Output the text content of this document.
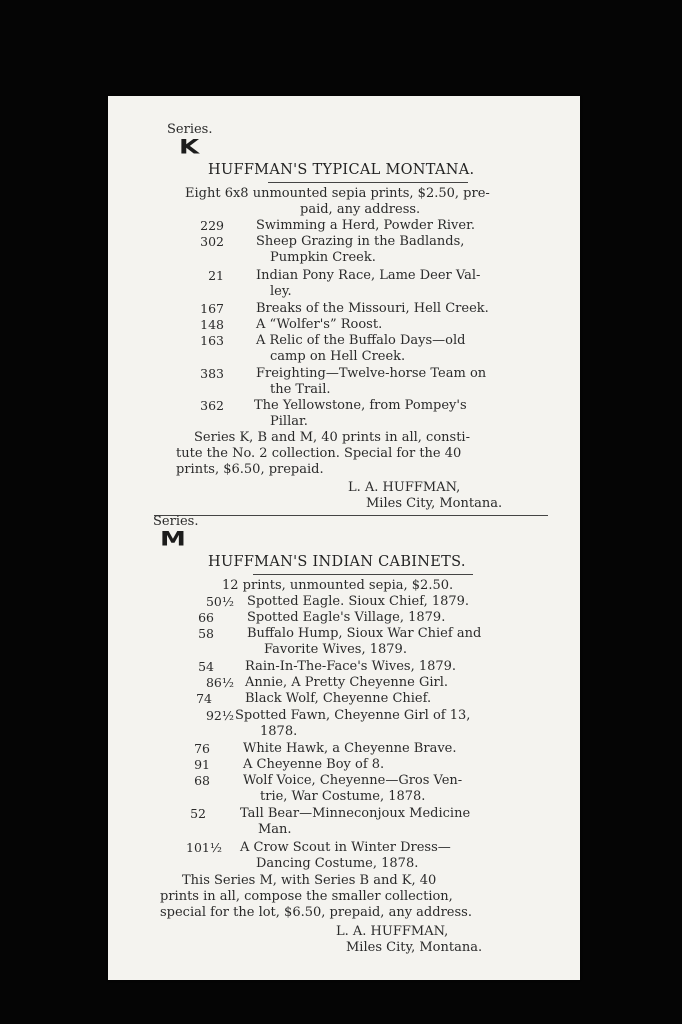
Series.
K
HUFFMAN'S TYPICAL MONTANA.
Eight 6x8 unmounted sepia prints, $2.50, pre-
paid, any address.
229 Swimming a Herd, Powder River.
302 Sheep Grazing in the Badlands,
Pumpkin Creek.
21 Indian Pony Race, Lame Deer Val-
ley.
167 Breaks of the Missouri, Hell Creek.
148 A “Wolfer's” Roost.
163 A Relic of the Buffalo Days—old
camp on Hell Creek.
383 Freighting—Twelve-horse Team on
the Trail.
362 The Yellowstone, from Pompey's
Pillar.
Series K, B and M, 40 prints in all, consti-
tute the No. 2 collection. Special for the 40
prints, $6.50, prepaid.
L. A. HUFFMAN,
Miles City, Montana.
Series.
M
HUFFMAN'S INDIAN CABINETS.
12 prints, unmounted sepia, $2.50.
50½ Spotted Eagle. Sioux Chief, 1879.
66	Spotted Eagle's Village, 1879.
58	Buffalo Hump, Sioux War Chief and
Favorite Wives, 1879.
54 Rain-In-The-Face's Wives, 1879.
86½ Annie, A Pretty Cheyenne Girl.
74	Black Wolf, Cheyenne Chief.
92½ Spotted Fawn, Cheyenne Girl of 13,
1878.
76	White Hawk, a Cheyenne Brave.
91	A Cheyenne Boy of 8.
68	Wolf Voice, Cheyenne—Gros Ven-
trie, War Costume, 1878.
52	Tall Bear—Minneconjoux Medicine
Man.
101½ A Crow Scout in Winter Dress—
Dancing Costume, 1878.
This Series M, with Series B and K, 40
prints in all, compose the smaller collection,
special for the lot, $6.50, prepaid, any address.
L. A. HUFFMAN,
Miles City, Montana.
